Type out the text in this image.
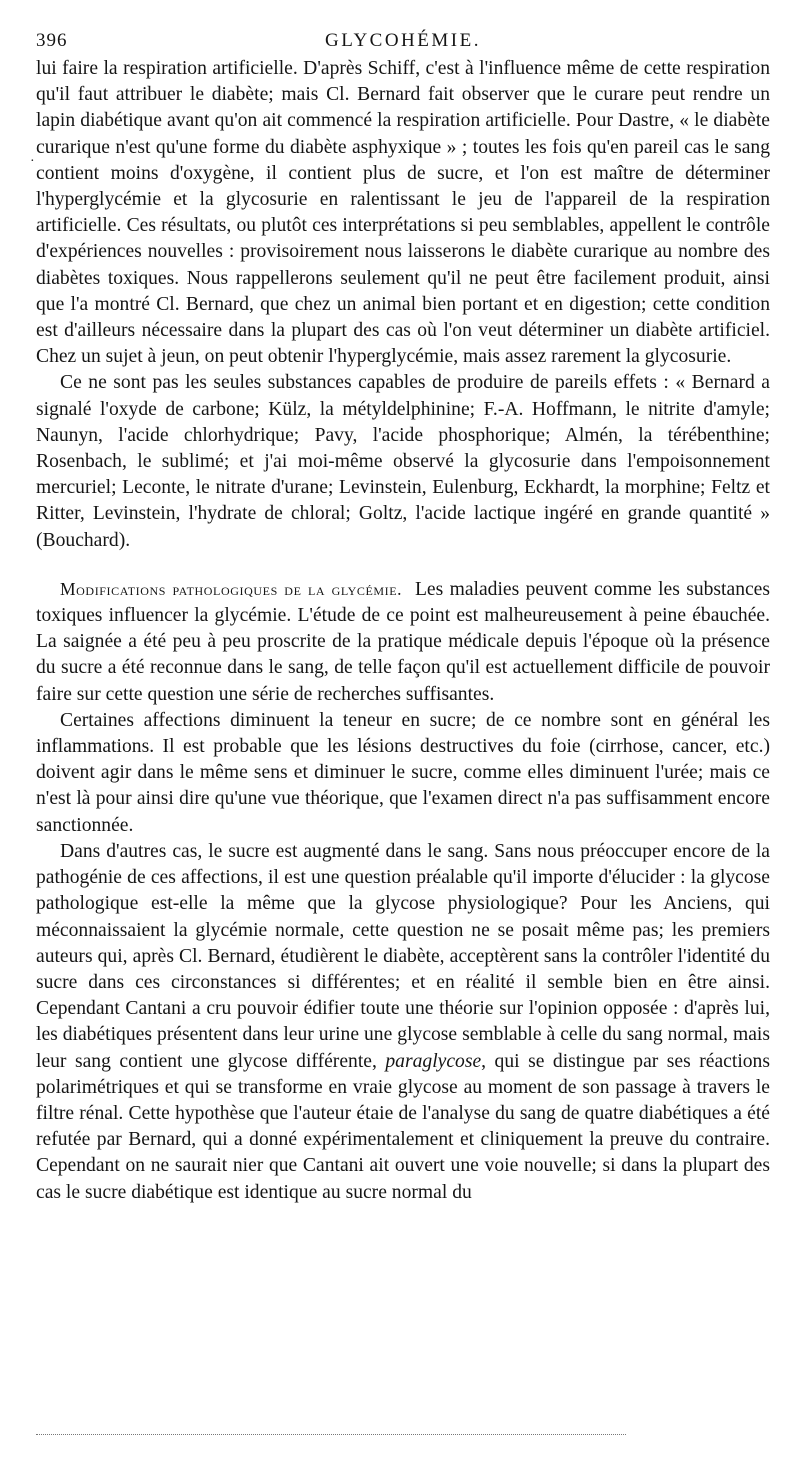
396	GLYCOHÉMIE.

lui faire la respiration artificielle. D'après Schiff, c'est à l'influence même de cette respiration qu'il faut attribuer le diabète; mais Cl. Bernard fait observer que le curare peut rendre un lapin diabétique avant qu'on ait commencé la respiration artificielle. Pour Dastre, « le diabète curarique n'est qu'une forme du diabète asphyxique » ; toutes les fois qu'en pareil cas le sang contient moins d'oxygène, il contient plus de sucre, et l'on est maître de déterminer l'hyperglycémie et la glycosurie en ralentissant le jeu de l'appareil de la respiration artificielle. Ces résultats, ou plutôt ces interprétations si peu semblables, appellent le contrôle d'expériences nouvelles : provisoirement nous laisserons le diabète curarique au nombre des diabètes toxiques. Nous rappellerons seulement qu'il ne peut être facilement produit, ainsi que l'a montré Cl. Bernard, que chez un animal bien portant et en digestion; cette condition est d'ailleurs nécessaire dans la plupart des cas où l'on veut déterminer un diabète artificiel. Chez un sujet à jeun, on peut obtenir l'hyperglycémie, mais assez rarement la glycosurie.

Ce ne sont pas les seules substances capables de produire de pareils effets : « Bernard a signalé l'oxyde de carbone; Külz, la métyldelphinine; F.-A. Hoffmann, le nitrite d'amyle; Naunyn, l'acide chlorhydrique; Pavy, l'acide phosphorique; Almén, la térébenthine; Rosenbach, le sublimé; et j'ai moi-même observé la glycosurie dans l'empoisonnement mercuriel; Leconte, le nitrate d'urane; Levinstein, Eulenburg, Eckhardt, la morphine; Feltz et Ritter, Levinstein, l'hydrate de chloral; Goltz, l'acide lactique ingéré en grande quantité » (Bouchard).

Modifications pathologiques de la glycémie. Les maladies peuvent comme les substances toxiques influencer la glycémie. L'étude de ce point est malheureusement à peine ébauchée. La saignée a été peu à peu proscrite de la pratique médicale depuis l'époque où la présence du sucre a été reconnue dans le sang, de telle façon qu'il est actuellement difficile de pouvoir faire sur cette question une série de recherches suffisantes.

Certaines affections diminuent la teneur en sucre; de ce nombre sont en général les inflammations. Il est probable que les lésions destructives du foie (cirrhose, cancer, etc.) doivent agir dans le même sens et diminuer le sucre, comme elles diminuent l'urée; mais ce n'est là pour ainsi dire qu'une vue théorique, que l'examen direct n'a pas suffisamment encore sanctionnée.

Dans d'autres cas, le sucre est augmenté dans le sang. Sans nous préoccuper encore de la pathogénie de ces affections, il est une question préalable qu'il importe d'élucider : la glycose pathologique est-elle la même que la glycose physiologique? Pour les Anciens, qui méconnaissaient la glycémie normale, cette question ne se posait même pas; les premiers auteurs qui, après Cl. Bernard, étudièrent le diabète, acceptèrent sans la contrôler l'identité du sucre dans ces circonstances si différentes; et en réalité il semble bien en être ainsi. Cependant Cantani a cru pouvoir édifier toute une théorie sur l'opinion opposée : d'après lui, les diabétiques présentent dans leur urine une glycose semblable à celle du sang normal, mais leur sang contient une glycose différente, paraglycose, qui se distingue par ses réactions polarimétriques et qui se transforme en vraie glycose au moment de son passage à travers le filtre rénal. Cette hypothèse que l'auteur étaie de l'analyse du sang de quatre diabétiques a été refutée par Bernard, qui a donné expérimentalement et cliniquement la preuve du contraire. Cependant on ne saurait nier que Cantani ait ouvert une voie nouvelle; si dans la plupart des cas le sucre diabétique est identique au sucre normal du

·
